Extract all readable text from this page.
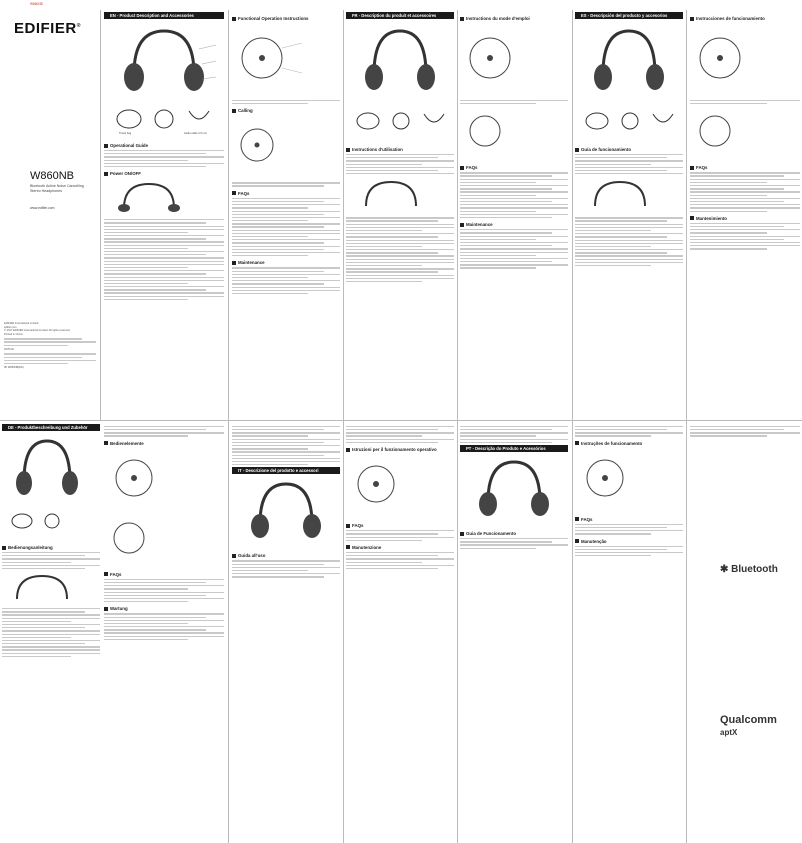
W860NB
EDIFIER®
W860NB
Bluetooth Active Noise Cancelling Stereo Headphones
www.edifier.com
EDIFIER International Limited
edifier.com
© 2017 EDIFIER International Limited. All rights reserved.
Printed in China
NOTICE
IB: W860NB(EN)
EN - Product Description and Accessories
Travel bag	Audio cable 3.5 mm
Operational Guide
Power ON/OFF
Functional Operation Instructions
Calling
FAQs
Maintenance
FR - Description du produit et accessoires

Instructions d'utilisation
Instructions du mode d'emploi
FAQs
Maintenance
ES - Descripción del producto y accesorios

Guía de funcionamiento
Instrucciones de funcionamiento
FAQs
Mantenimiento
DE - Produktbeschreibung und Zubehör

Bedienungsanleitung
Bedienelemente

FAQs
Wartung
IT - Descrizione del prodotto e accessori
Guida all'uso
Istruzioni per il funzionamento operativo
FAQs
Manutenzione
PT - Descrição do Produto e Acessórios
Guia de Funcionamento
Instruções de funcionamento
FAQs
Manutenção
✱ Bluetooth
Qualcomm
aptX
